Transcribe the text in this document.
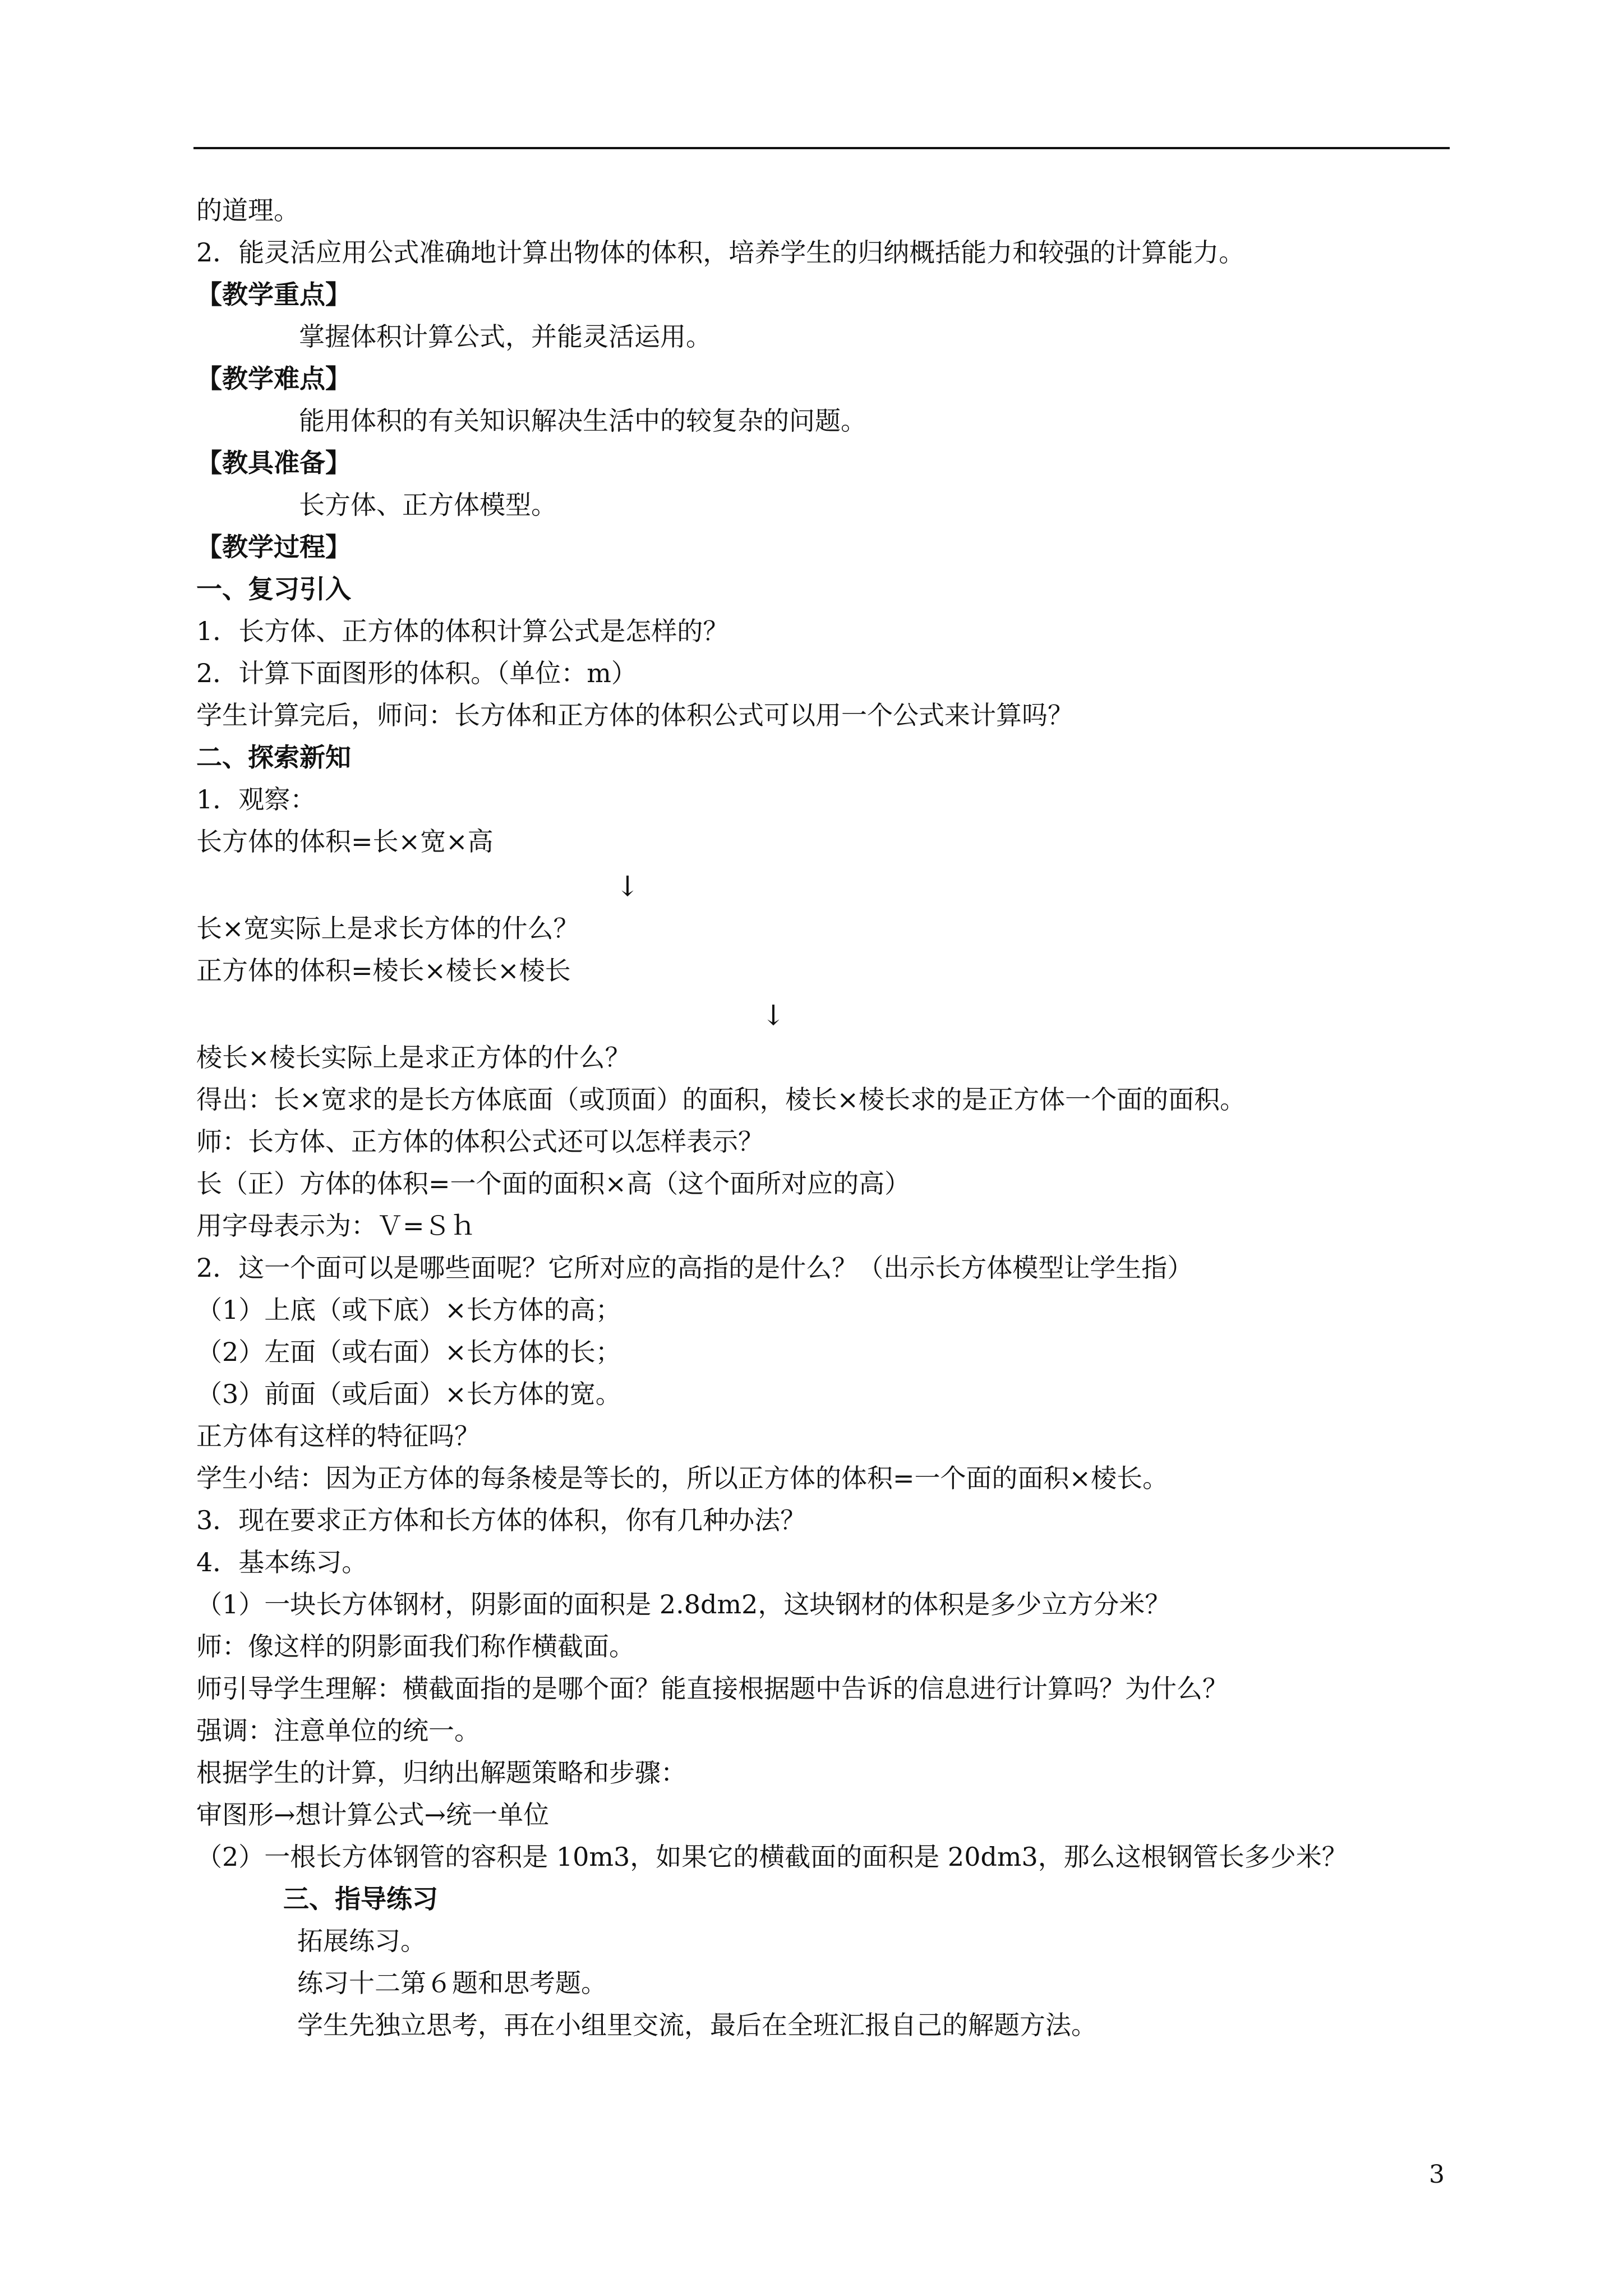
的道理。
2．能灵活应用公式准确地计算出物体的体积，培养学生的归纳概括能力和较强的计算能力。
【教学重点】
掌握体积计算公式，并能灵活运用。
【教学难点】
能用体积的有关知识解决生活中的较复杂的问题。
【教具准备】
长方体、正方体模型。
【教学过程】
一、复习引入
1．长方体、正方体的体积计算公式是怎样的？
2．计算下面图形的体积。（单位：m）
学生计算完后，师问：长方体和正方体的体积公式可以用一个公式来计算吗？
二、探索新知
1．观察：
长方体的体积=长×宽×高
↓
长×宽实际上是求长方体的什么？
正方体的体积=棱长×棱长×棱长
↓
棱长×棱长实际上是求正方体的什么？
得出：长×宽求的是长方体底面（或顶面）的面积，棱长×棱长求的是正方体一个面的面积。
师：长方体、正方体的体积公式还可以怎样表示？
长（正）方体的体积=一个面的面积×高（这个面所对应的高）
用字母表示为：Ｖ=Ｓｈ
2．这一个面可以是哪些面呢？它所对应的高指的是什么？（出示长方体模型让学生指）
（1）上底（或下底）×长方体的高；
（2）左面（或右面）×长方体的长；
（3）前面（或后面）×长方体的宽。
正方体有这样的特征吗？
学生小结：因为正方体的每条棱是等长的，所以正方体的体积=一个面的面积×棱长。
3．现在要求正方体和长方体的体积，你有几种办法？
4．基本练习。
（1）一块长方体钢材，阴影面的面积是 2.8dm2，这块钢材的体积是多少立方分米？
师：像这样的阴影面我们称作横截面。
师引导学生理解：横截面指的是哪个面？能直接根据题中告诉的信息进行计算吗？为什么？
强调：注意单位的统一。
根据学生的计算，归纳出解题策略和步骤：
审图形→想计算公式→统一单位
（2）一根长方体钢管的容积是 10m3，如果它的横截面的面积是 20dm3，那么这根钢管长多少米？
三、指导练习
拓展练习。
练习十二第６题和思考题。
学生先独立思考，再在小组里交流，最后在全班汇报自己的解题方法。
3
